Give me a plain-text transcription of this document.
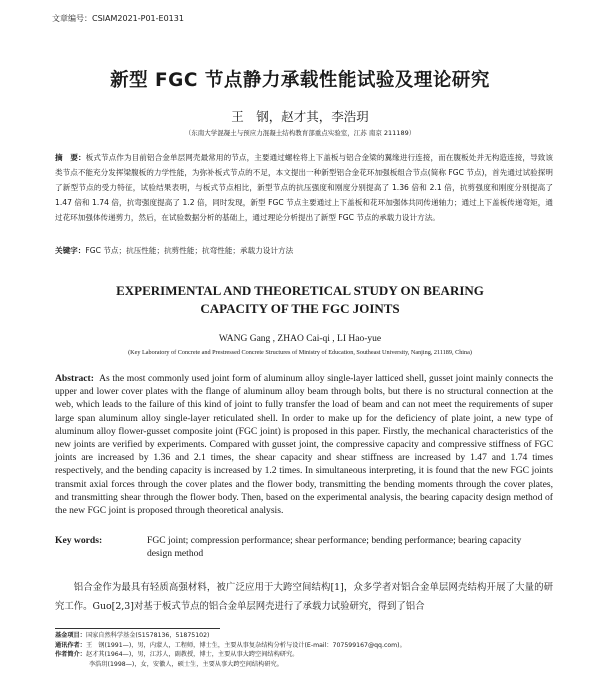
文章编号：CSIAM2021-P01-E0131
新型 FGC 节点静力承载性能试验及理论研究
王　钢，赵才其，李浩玥
（东南大学混凝土与预应力混凝土结构教育部重点实验室，江苏 南京 211189）
摘　要：板式节点作为目前铝合金单层网壳最常用的节点，主要通过螺栓将上下盖板与铝合金梁的翼缘进行连接，而在腹板处并无构造连接，导致该类节点不能充分发挥梁腹板的力学性能，为弥补板式节点的不足，本文提出一种新型铝合金花环加强板组合节点(简称 FGC 节点)，首先通过试验探明了新型节点的受力特征，试验结果表明，与板式节点相比，新型节点的抗压强度和刚度分别提高了 1.36 倍和 2.1 倍，抗剪强度和刚度分别提高了 1.47 倍和 1.74 倍，抗弯强度提高了 1.2 倍，同时发现，新型 FGC 节点主要通过上下盖板和花环加强体共同传递轴力；通过上下盖板传递弯矩，通过花环加强体传递剪力，然后，在试验数据分析的基础上，通过理论分析提出了新型 FGC 节点的承载力设计方法。
关键字：FGC 节点；抗压性能；抗剪性能；抗弯性能；承载力设计方法
EXPERIMENTAL AND THEORETICAL STUDY ON BEARING
CAPACITY OF THE FGC JOINTS
WANG Gang , ZHAO Cai-qi , LI Hao-yue
(Key Laboratory of Concrete and Prestressed Concrete Structures of Ministry of Education, Southeast University, Nanjing, 211189, China)
Abstract: As the most commonly used joint form of aluminum alloy single-layer latticed shell, gusset joint mainly connects the upper and lower cover plates with the flange of aluminum alloy beam through bolts, but there is no structural connection at the web, which leads to the failure of this kind of joint to fully transfer the load of beam and can not meet the requirements of super large span aluminum alloy single-layer reticulated shell. In order to make up for the deficiency of plate joint, a new type of aluminum alloy flower-gusset composite joint (FGC joint) is proposed in this paper. Firstly, the mechanical characteristics of the new joints are verified by experiments. Compared with gusset joint, the compressive capacity and compressive stiffness of FGC joints are increased by 1.36 and 2.1 times, the shear capacity and shear stiffness are increased by 1.47 and 1.74 times respectively, and the bending capacity is increased by 1.2 times. In simultaneous interpreting, it is found that the new FGC joints transmit axial forces through the cover plates and the flower body, transmitting the bending moments through the cover plates, and transmitting shear through the flower body. Then, based on the experimental analysis, the bearing capacity design method of the new FGC joint is proposed through theoretical analysis.
Key words:	FGC joint; compression performance; shear performance; bending performance; bearing capacity design method
铝合金作为最具有轻质高强材料，被广泛应用于大跨空间结构[1]，众多学者对铝合金单层网壳结构开展了大量的研究工作。Guo[2,3]对基于板式节点的铝合金单层网壳进行了承载力试验研究，得到了铝合
基金项目：国家自然科学基金(51578136，51875102)
通讯作者：王　钢(1991—)，男，内蒙人，工程师，博士生，主要从事复杂结构分析与设计(E-mail：707599167@qq.com)。
作者简介：赵才其(1964—)，男，江苏人，副教授，博士，主要从事大跨空间结构研究。
李浩玥(1998—)，女，安徽人，硕士生，主要从事大跨空间结构研究。
